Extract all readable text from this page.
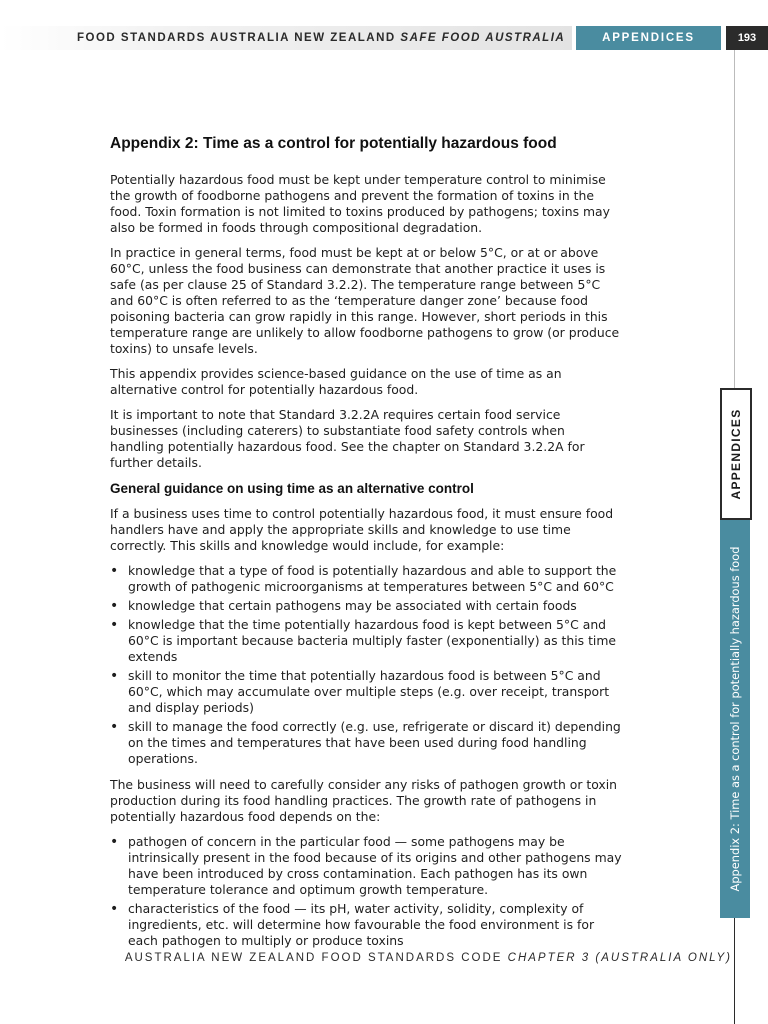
FOOD STANDARDS AUSTRALIA NEW ZEALAND SAFE FOOD AUSTRALIA	APPENDICES	193
Appendix 2: Time as a control for potentially hazardous food

Potentially hazardous food must be kept under temperature control to minimise the growth of foodborne pathogens and prevent the formation of toxins in the food. Toxin formation is not limited to toxins produced by pathogens; toxins may also be formed in foods through compositional degradation.

In practice in general terms, food must be kept at or below 5°C, or at or above 60°C, unless the food business can demonstrate that another practice it uses is safe (as per clause 25 of Standard 3.2.2). The temperature range between 5°C and 60°C is often referred to as the ‘temperature danger zone’ because food poisoning bacteria can grow rapidly in this range. However, short periods in this temperature range are unlikely to allow foodborne pathogens to grow (or produce toxins) to unsafe levels.

This appendix provides science-based guidance on the use of time as an alternative control for potentially hazardous food.

It is important to note that Standard 3.2.2A requires certain food service businesses (including caterers) to substantiate food safety controls when handling potentially hazardous food. See the chapter on Standard 3.2.2A for further details.

General guidance on using time as an alternative control

If a business uses time to control potentially hazardous food, it must ensure food handlers have and apply the appropriate skills and knowledge to use time correctly. This skills and knowledge would include, for example:

• knowledge that a type of food is potentially hazardous and able to support the growth of pathogenic microorganisms at temperatures between 5°C and 60°C
• knowledge that certain pathogens may be associated with certain foods
• knowledge that the time potentially hazardous food is kept between 5°C and 60°C is important because bacteria multiply faster (exponentially) as this time extends
• skill to monitor the time that potentially hazardous food is between 5°C and 60°C, which may accumulate over multiple steps (e.g. over receipt, transport and display periods)
• skill to manage the food correctly (e.g. use, refrigerate or discard it) depending on the times and temperatures that have been used during food handling operations.

The business will need to carefully consider any risks of pathogen growth or toxin production during its food handling practices. The growth rate of pathogens in potentially hazardous food depends on the:

• pathogen of concern in the particular food — some pathogens may be intrinsically present in the food because of its origins and other pathogens may have been introduced by cross contamination. Each pathogen has its own temperature tolerance and optimum growth temperature.
• characteristics of the food — its pH, water activity, solidity, complexity of ingredients, etc. will determine how favourable the food environment is for each pathogen to multiply or produce toxins
APPENDICES
Appendix 2: Time as a control for potentially hazardous food
AUSTRALIA NEW ZEALAND FOOD STANDARDS CODE CHAPTER 3 (AUSTRALIA ONLY)
